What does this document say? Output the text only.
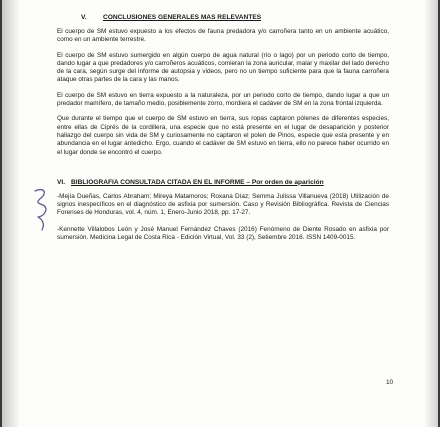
V. CONCLUSIONES GENERALES MAS RELEVANTES

El cuerpo de SM estuvo expuesto a los efectos de fauna predadora y/o carroñera tanto en un ambiente acuático, como en un ambiente terrestre.

El cuerpo de SM estuvo sumergido en algún cuerpo de agua natural (río o lago) por un periodo corto de tiempo, dando lugar a que predadores y/o carroñeros acuáticos, comieran la zona auricular, malar y maxilar del lado derecho de la cara, según surge del informe de autopsia y videos, pero no un tiempo suficiente para que la fauna carroñera ataque otras partes de la cara y las manos.

El cuerpo de SM estuvo en tierra expuesto a la naturaleza, por un periodo corto de tiempo, dando lugar a que un predador mamífero, de tamaño medio, posiblemente zorro, mordiera el cadáver de SM en la zona frontal izquierda.

Que durante el tiempo que el cuerpo de SM estuvo en tierra, sus ropas captaron pólenes de diferentes especies, entre ellas de Ciprés de la cordillera, una especie que no está presente en el lugar de desaparición y posterior hallazgo del cuerpo sin vida de SM y curiosamente no captaron el polen de Pinos, especie que esta presente y en abundancia en el lugar antedicho. Ergo, cuando el cadáver de SM estuvo en tierra, ello no parece haber ocurrido en el lugar donde se encontró el cuerpo.

VI. BIBLIOGRAFIA CONSULTADA CITADA EN EL INFORME – Por orden de aparición

-Mejía Dueñas, Carlos Abraham; Mireya Matamoros; Roxana Díaz; Semma Julissa Villanueva (2018) Utilización de signos inespecíficos en el diagnóstico de asfixia por sumersión. Caso y Revisión Bibliográfica. Revista de Ciencias Forenses de Honduras, vol. 4, núm. 1, Enero-Junio 2018, pp. 17-27.

-Kennette Villalobos León y José Manuel Fernández Chaves (2016) Fenómeno de Diente Rosado en asfixia por sumersión. Medicina Legal de Costa Rica - Edición Virtual, Vol. 33 (2), Setiembre 2016. ISSN 1409-0015.

10
